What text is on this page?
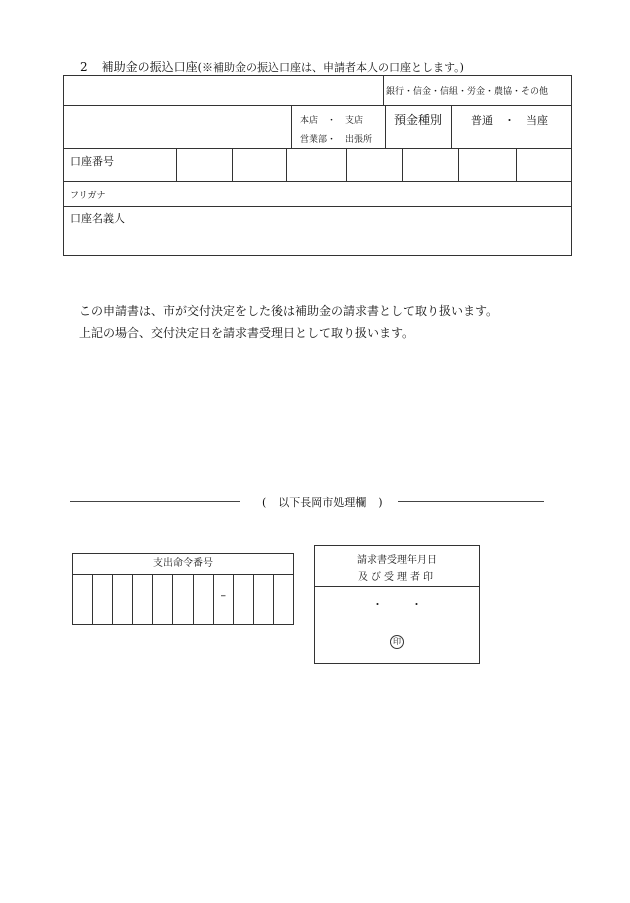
2 補助金の振込口座(※補助金の振込口座は、申請者本人の口座とします。)
銀行・信金・信組・労金・農協・その他
本店　・　支店
営業部・　出張所
預金種別	普通　・　当座
口座番号
フリガナ
口座名義人
この申請書は、市が交付決定をした後は補助金の請求書として取り扱います。
上記の場合、交付決定日を請求書受理日として取り扱います。
( 以下長岡市処理欄 )
支出命令番号
–
請求書受理年月日
及び受理者印
・・
印
